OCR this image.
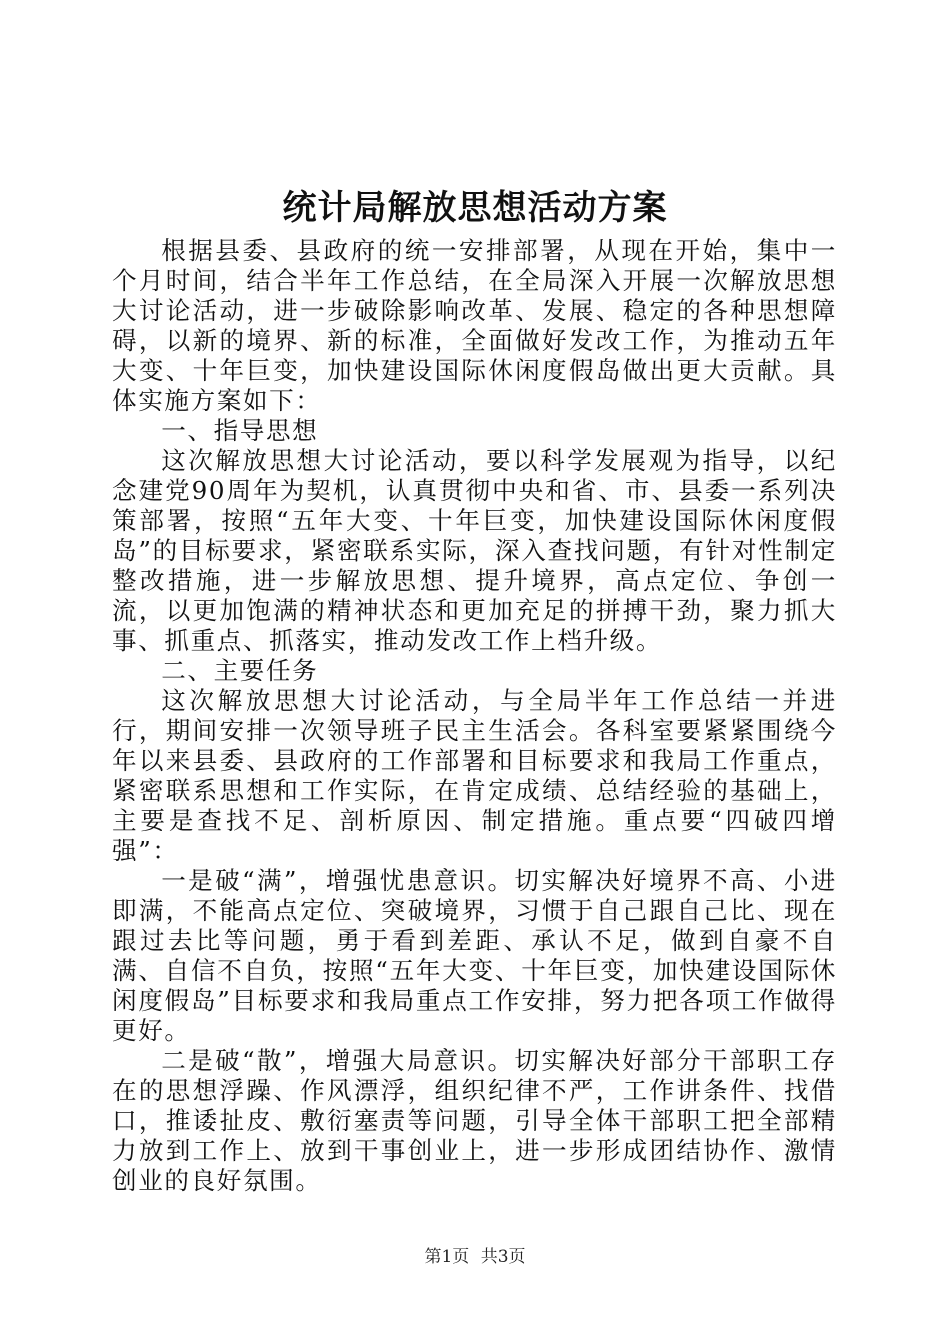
统计局解放思想活动方案

根据县委、县政府的统一安排部署，从现在开始，集中一个月时间，结合半年工作总结，在全局深入开展一次解放思想大讨论活动，进一步破除影响改革、发展、稳定的各种思想障碍，以新的境界、新的标准，全面做好发改工作，为推动五年大变、十年巨变，加快建设国际休闲度假岛做出更大贡献。具体实施方案如下：

一、指导思想

这次解放思想大讨论活动，要以科学发展观为指导，以纪念建党90周年为契机，认真贯彻中央和省、市、县委一系列决策部署，按照“五年大变、十年巨变，加快建设国际休闲度假岛”的目标要求，紧密联系实际，深入查找问题，有针对性制定整改措施，进一步解放思想、提升境界，高点定位、争创一流，以更加饱满的精神状态和更加充足的拼搏干劲，聚力抓大事、抓重点、抓落实，推动发改工作上档升级。

二、主要任务

这次解放思想大讨论活动，与全局半年工作总结一并进行，期间安排一次领导班子民主生活会。各科室要紧紧围绕今年以来县委、县政府的工作部署和目标要求和我局工作重点，紧密联系思想和工作实际，在肯定成绩、总结经验的基础上，主要是查找不足、剖析原因、制定措施。重点要“四破四增强”：

一是破“满”，增强忧患意识。切实解决好境界不高、小进即满，不能高点定位、突破境界，习惯于自己跟自己比、现在跟过去比等问题，勇于看到差距、承认不足，做到自豪不自满、自信不自负，按照“五年大变、十年巨变，加快建设国际休闲度假岛”目标要求和我局重点工作安排，努力把各项工作做得更好。

二是破“散”，增强大局意识。切实解决好部分干部职工存在的思想浮躁、作风漂浮，组织纪律不严，工作讲条件、找借口，推诿扯皮、敷衍塞责等问题，引导全体干部职工把全部精力放到工作上、放到干事创业上，进一步形成团结协作、激情创业的良好氛围。

第1页 共3页
